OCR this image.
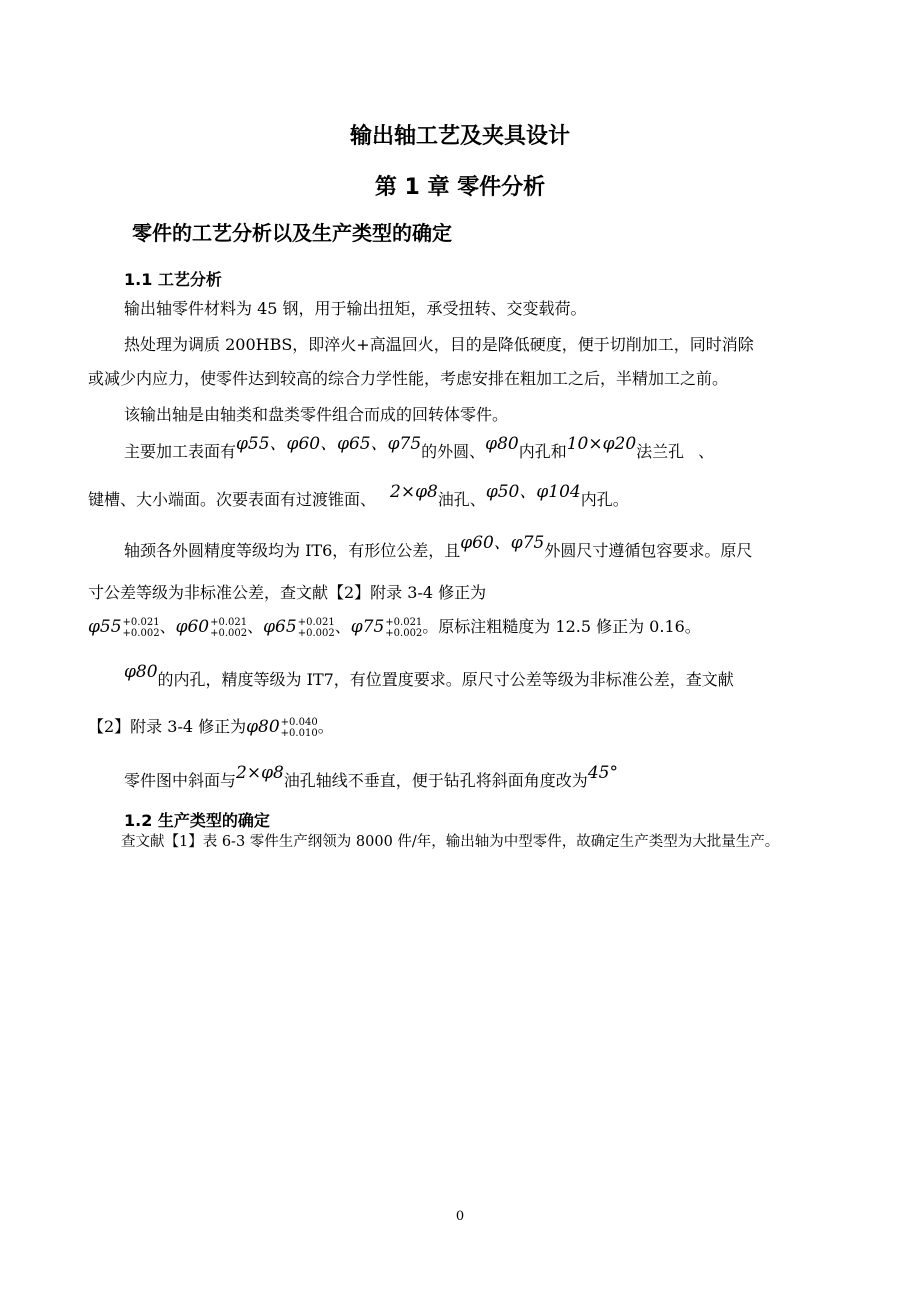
输出轴工艺及夹具设计
第 1 章 零件分析
零件的工艺分析以及生产类型的确定
1.1 工艺分析
输出轴零件材料为 45 钢，用于输出扭矩，承受扭转、交变载荷。
热处理为调质 200HBS，即淬火+高温回火，目的是降低硬度，便于切削加工，同时消除
或减少内应力，使零件达到较高的综合力学性能，考虑安排在粗加工之后，半精加工之前。
该输出轴是由轴类和盘类零件组合而成的回转体零件。
主要加工表面有φ55、φ60、φ65、φ75的外圆、φ80内孔和10×φ20法兰孔 、
键槽、大小端面。次要表面有过渡锥面、 2×φ8油孔、φ50、φ104内孔。
轴颈各外圆精度等级均为 IT6，有形位公差，且φ60、φ75外圆尺寸遵循包容要求。原尺
寸公差等级为非标准公差，查文献【2】附录 3-4 修正为
φ55 +0.021
+0.002 、φ60 +0.021
+0.002 、φ65 +0.021
+0.002 、φ75 +0.021
+0.002 。原标注粗糙度为 12.5 修正为 0.16。
φ80的内孔，精度等级为 IT7，有位置度要求。原尺寸公差等级为非标准公差，查文献
【2】附录 3-4 修正为φ80 +0.040
+0.010 。
零件图中斜面与2×φ8油孔轴线不垂直，便于钻孔将斜面角度改为45°
1.2 生产类型的确定
查文献【1】表 6-3 零件生产纲领为 8000 件/年，输出轴为中型零件，故确定生产类型为大批量生产。
0
